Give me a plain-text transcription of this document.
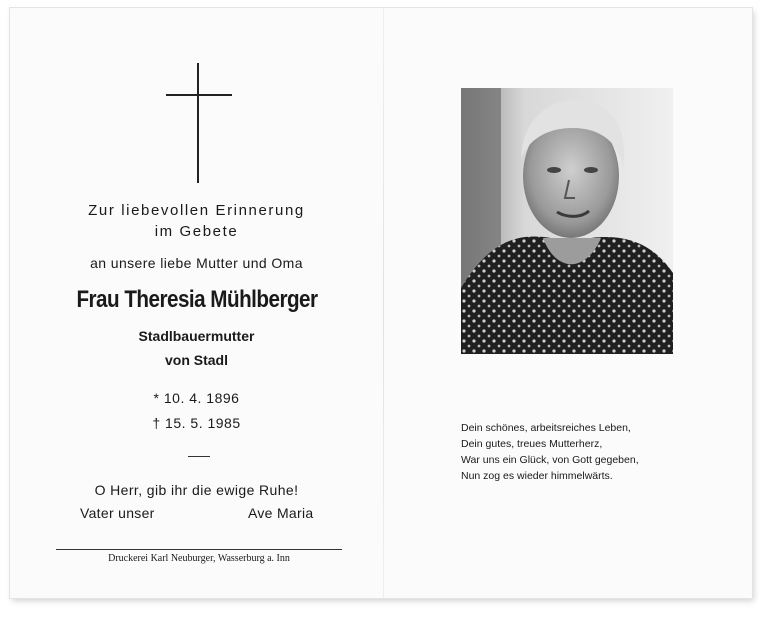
Zur liebevollen Erinnerung
im Gebete
an unsere liebe Mutter und Oma
Frau Theresia Mühlberger
Stadlbauermutter
von Stadl
* 10. 4. 1896
† 15. 5. 1985
O Herr, gib ihr die ewige Ruhe!
Vater unser	Ave Maria
Druckerei Karl Neuburger, Wasserburg a. Inn
Dein schönes, arbeitsreiches Leben,
Dein gutes, treues Mutterherz,
War uns ein Glück, von Gott gegeben,
Nun zog es wieder himmelwärts.
